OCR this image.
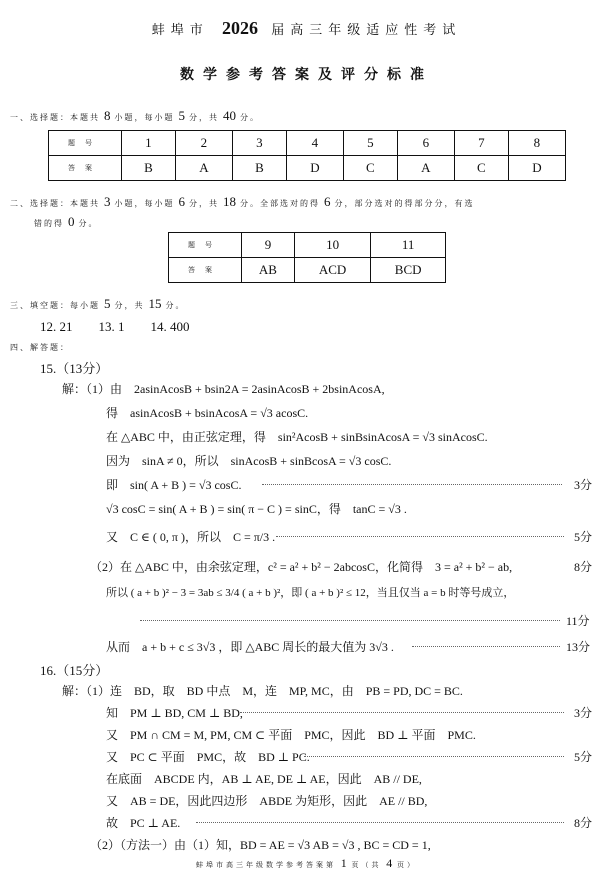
蚌埠市 2026 届高三年级适应性考试
数学参考答案及评分标准
一、选择题：本题共 8 小题，每小题 5 分，共 40 分。
题号	1	2	3	4	5	6	7	8
答案	B	A	B	D	C	A	C	D
二、选择题：本题共 3 小题，每小题 6 分，共 18 分。全部选对的得 6 分，部分选对的得部分分，有选
错的得 0 分。
题号	9	10	11
答案	AB	ACD	BCD
三、填空题：每小题 5 分，共 15 分。
12. 21　　13. 1　　14. 400
四、解答题：
15.（13分）
解：（1）由　2asinAcosB + bsin2A = 2asinAcosB + 2bsinAcosA,
得　asinAcosB + bsinAcosA = √3 acosC.
在 △ABC 中，由正弦定理，得　sin²AcosB + sinBsinAcosA = √3 sinAcosC.
因为　sinA ≠ 0，所以　sinAcosB + sinBcosA = √3 cosC.
即　sin( A + B ) = √3 cosC.	3分
√3 cosC = sin( A + B ) = sin( π − C ) = sinC，得　tanC = √3 .
又　C ∈ ( 0, π )，所以　C = π/3 .	5分
（2）在 △ABC 中，由余弦定理，c² = a² + b² − 2abcosC，化简得　3 = a² + b² − ab,	8分
所以 ( a + b )² − 3 = 3ab ≤ 3/4 ( a + b )²，即 ( a + b )² ≤ 12，当且仅当 a = b 时等号成立，
11分
从而　a + b + c ≤ 3√3 ，即 △ABC 周长的最大值为 3√3 .	13分
16.（15分）
解：（1）连　BD，取　BD 中点　M，连　MP, MC，由　PB = PD, DC = BC.
知　PM ⊥ BD, CM ⊥ BD,	3分
又　PM ∩ CM = M, PM, CM ⊂ 平面　PMC，因此　BD ⊥ 平面　PMC.
又　PC ⊂ 平面　PMC，故　BD ⊥ PC.	5分
在底面　ABCDE 内，AB ⊥ AE, DE ⊥ AE，因此　AB // DE,
又　AB = DE，因此四边形　ABDE 为矩形，因此　AE // BD,
故　PC ⊥ AE.	8分
（2）（方法一）由（1）知，BD = AE = √3 AB = √3 , BC = CD = 1,
蚌埠市高三年级数学参考答案第 1 页（共 4 页）
